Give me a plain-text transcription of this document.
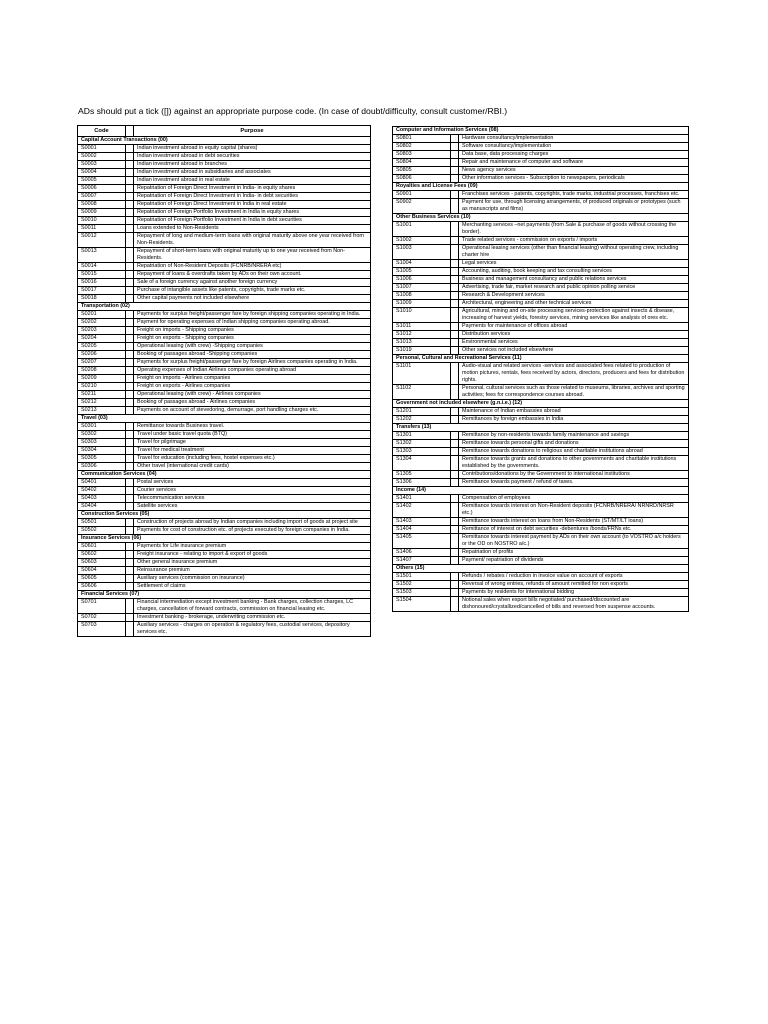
ADs should put a tick ([]) against an appropriate purpose code. (In case of doubt/difficulty, consult customer/RBI.)
Code		Purpose
Capital Account Transactions (00)		
S0001		Indian investment abroad in equity capital (shares)
S0002		Indian investment abroad in debt securities
S0003		Indian investment abroad in branches
S0004		Indian investment abroad in subsidiaries and associates
S0005		Indian investment abroad in real estate
S0006		Repatriation of Foreign Direct Investment in India- in equity shares
S0007		Repatriation of Foreign Direct Investment in India- in debt securities
S0008		Repatriation of Foreign Direct Investment in India in real estate
S0009		Repatriation of Foreign Portfolio Investment in India in equity shares
S0010		Repatriation of Foreign Portfolio Investment in India in debt securities
S0011		Loans extended to Non-Residents
S0012		Repayment of long and medium-term loans with original maturity above one year received from Non-Residents.
S0013		Repayment of short-term loans with original maturity up to one year received from Non-Residents.
S0014		Repatriation of Non-Resident Deposits (FCNRB/NRERA etc)
S0015		Repayment of loans & overdrafts taken by ADs on their own account.
S0016		Sale of a foreign currency against another foreign currency
S0017		Purchase of intangible assets like patents, copyrights, trade marks etc.
S0018		Other capital payments not included elsewhere
Transportation (02)		
S0201		Payments for surplus freight/passenger fare by foreign shipping companies operating in India.
S0202		Payment for operating expenses of Indian shipping companies operating abroad.
S0203		Freight on imports - Shipping companies
S0204		Freight on exports - Shipping companies
S0205		Operational leasing (with crew) -Shipping companies
S0206		Booking of passages abroad -Shipping companies
S0207		Payments for surplus freight/passenger fare by foreign Airlines companies operating in India.
S0208		Operating expenses of Indian Airlines companies operating abroad
S0209		Freight on imports - Airlines companies
S0210		Freight on exports - Airlines companies
S0211		Operational leasing (with crew) - Airlines companies
S0212		Booking of passages abroad - Airlines companies
S0213		Payments on account of stevedoring, demurrage, port handling charges etc.
Travel (03)		
S0301		Remittance towards Business travel.
S0302		Travel under basic travel quota (BTQ)
S0303		Travel for pilgrimage
S0304		Travel for medical treatment
S0305		Travel for education (including fees, hostel expenses etc.)
S0306		Other travel (international credit cards)
Communication Services (04)		
S0401		Postal services
S0402		Courier services
S0403		Telecommunication services
S0404		Satellite services
Construction Services (05)		
S0501		Construction of projects abroad by Indian companies including import of goods at project site
S0502		Payments for cost of construction etc. of projects executed by foreign companies in India.
Insurance Services (06)		
S0601		Payments for Life insurance premium
S0602		Freight insurance - relating to import & export of goods
S0603		Other general insurance premium
S0604		Reinsurance premium
S0605		Auxiliary services (commission on insurance)
S0606		Settlement of claims
Financial Services (07)		
S0701		Financial intermediation except investment banking - Bank charges, collection charges, LC charges, cancellation of forward contracts, commission on financial leasing etc.
S0702		Investment banking - brokerage, underwriting commission etc.
S0703		Auxiliary services - charges on operation & regulatory fees, custodial services, depository services etc.
Computer and Information Services (08)		
S0801		Hardware consultancy/implementation
S0802		Software consultancy/implementation
S0803		Data base, data processing charges
S0804		Repair and maintenance of computer and software
S0805		News agency services
S0806		Other information services - Subscription to newspapers, periodicals
Royalties and License Fees (09)		
S0901		Franchises services - patents, copyrights, trade marks, industrial processes, franchises etc.
S0902		Payment for use, through licensing arrangements, of produced originals or prototypes (such as manuscripts and films)
Other Business Services (10)		
S1001		Merchanting services –net payments (from Sale & purchase of goods without crossing the border).
S1002		Trade related services - commission on exports / imports
S1003		Operational leasing services (other than financial leasing) without operating crew, including charter hire
S1004		Legal services
S1005		Accounting, auditing, book keeping and tax consulting services
S1006		Business and management consultancy and public relations services
S1007		Advertising, trade fair, market research and public opinion polling service
S1008		Research & Development services
S1009		Architectural, engineering and other technical services
S1010		Agricultural, mining and on-site processing services-protection against insects & disease, increasing of harvest yields, forestry services, mining services like analysis of ores etc.
S1011		Payments for maintenance of offices abroad
S1012		Distribution services
S1013		Environmental services
S1019		Other services not included elsewhere
Personal, Cultural and Recreational Services (11)		
S1101		Audio-visual and related services -services and associated fees related to production of motion pictures, rentals, fees received by actors, directors, producers and fees for distribution rights.
S1102		Personal, cultural services such as those related to museums, libraries, archives and sporting activities; fees for correspondence courses abroad.
Government not included elsewhere (g.n.i.e.) (12)		
S1201		Maintenance of Indian embassies abroad
S1202		Remittances by foreign embassies in India
Transfers (13)		
S1301		Remittance by non-residents towards family maintenance and savings
S1302		Remittance towards personal gifts and donations
S1303		Remittance towards donations to religious and charitable institutions abroad
S1304		Remittance towards grants and donations to other governments and charitable institutions established by the governments.
S1305		Contributions/donations by the Government to international institutions
S1306		Remittance towards payment / refund of taxes.
Income (14)		
S1401		Compensation of employees
S1402		Remittance towards interest on Non-Resident deposits (FCNRB/NRERA/ NRNRD/NRSR etc.)
S1403		Remittance towards interest on loans from Non-Residents (ST/MT/LT loans)
S1404		Remittance of interest on debt securities -debentures /bonds/FRNs etc.
S1405		Remittance towards interest payment by ADs on their own account (to VOSTRO a/c holders or the OD on NOSTRO a/c.)
S1406		Repatriation of profits
S1407		Payment/ repatriation of dividends
Others (15)		
S1501		Refunds / rebates / reduction in invoice value on account of exports
S1502		Reversal of wrong entries, refunds of amount remitted for non exports
S1503		Payments by residents for international bidding
S1504		Notional sales when export bills negotiated/ purchased/discounted are dishonoured/crystallized/cancelled of bills and reversed from suspense accounts.
